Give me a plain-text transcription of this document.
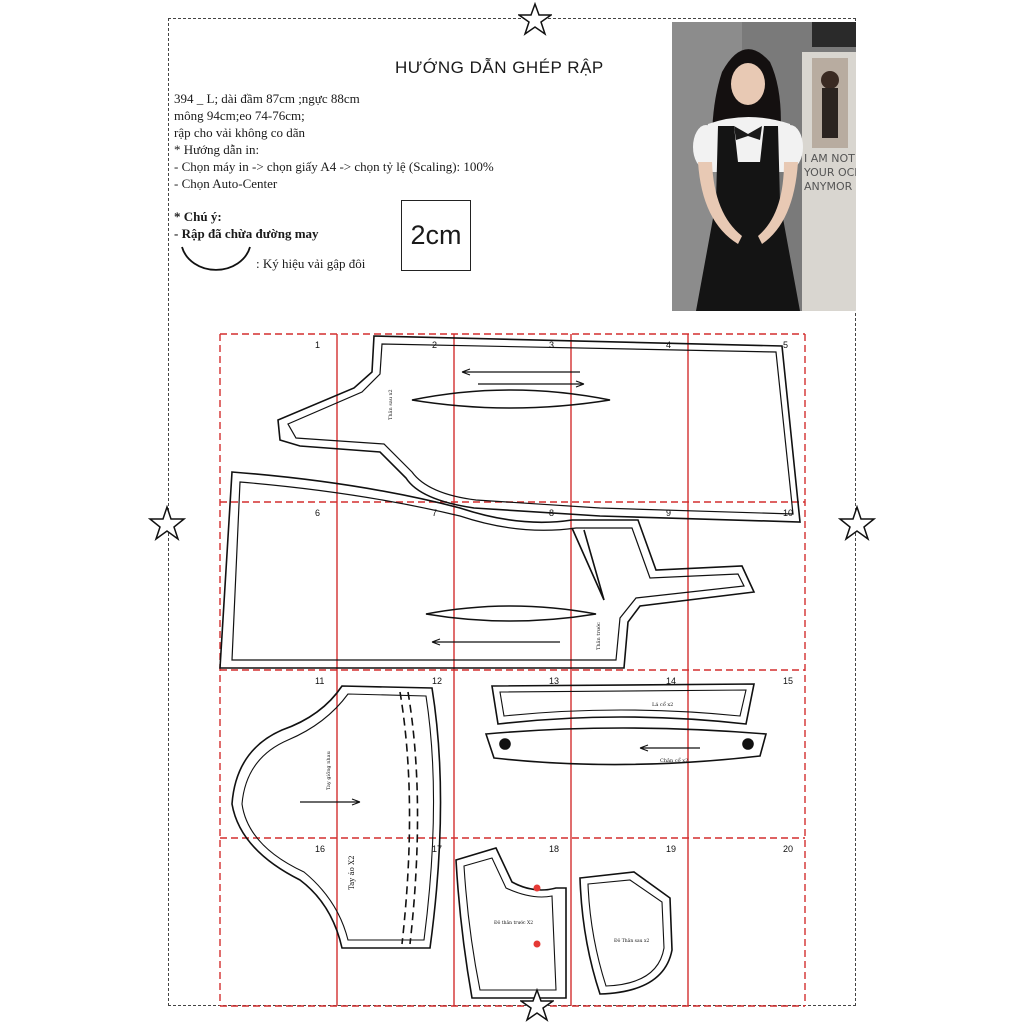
HƯỚNG DẪN GHÉP RẬP
394 _ L; dài đầm 87cm ;ngực 88cm
mông 94cm;eo 74-76cm;
rập cho vải không co dãn
* Hướng dẫn in:
- Chọn máy in -> chọn giấy A4 -> chọn tỷ lệ (Scaling): 100%
- Chọn Auto-Center
* Chú ý:
- Rập đã chừa đường may
: Ký hiệu vải gập đôi
2cm
I AM NOT
YOUR OCE
ANYMOR
Thân sau x2
Thân trước
Lá cổ x2
Chân cổ x2
Tay áo X2
Tay giống nhau
Đô thân trước X2
Đô Thân sau x2
1	2	3	4	5
6	7	8	9	10
11	12	13	14	15
16	17	18	19	20
